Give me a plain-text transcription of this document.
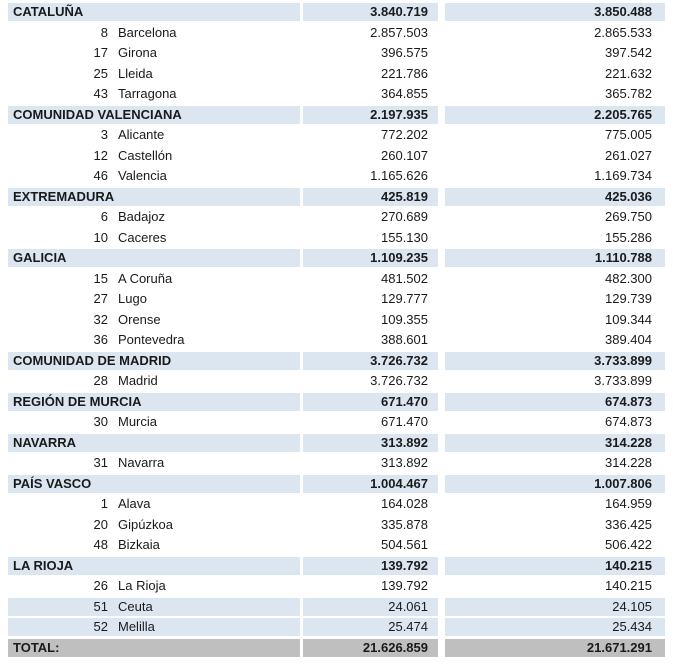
CATALUÑA	3.840.719	3.850.488
8 Barcelona	2.857.503	2.865.533
17 Girona	396.575	397.542
25 Lleida	221.786	221.632
43 Tarragona	364.855	365.782
COMUNIDAD VALENCIANA	2.197.935	2.205.765
3 Alicante	772.202	775.005
12 Castellón	260.107	261.027
46 Valencia	1.165.626	1.169.734
EXTREMADURA	425.819	425.036
6 Badajoz	270.689	269.750
10 Caceres	155.130	155.286
GALICIA	1.109.235	1.110.788
15 A Coruña	481.502	482.300
27 Lugo	129.777	129.739
32 Orense	109.355	109.344
36 Pontevedra	388.601	389.404
COMUNIDAD DE MADRID	3.726.732	3.733.899
28 Madrid	3.726.732	3.733.899
REGIÓN DE MURCIA	671.470	674.873
30 Murcia	671.470	674.873
NAVARRA	313.892	314.228
31 Navarra	313.892	314.228
PAÍS VASCO	1.004.467	1.007.806
1 Alava	164.028	164.959
20 Gipúzkoa	335.878	336.425
48 Bizkaia	504.561	506.422
LA RIOJA	139.792	140.215
26 La Rioja	139.792	140.215
51 Ceuta	24.061	24.105
52 Melilla	25.474	25.434
TOTAL:	21.626.859	21.671.291
